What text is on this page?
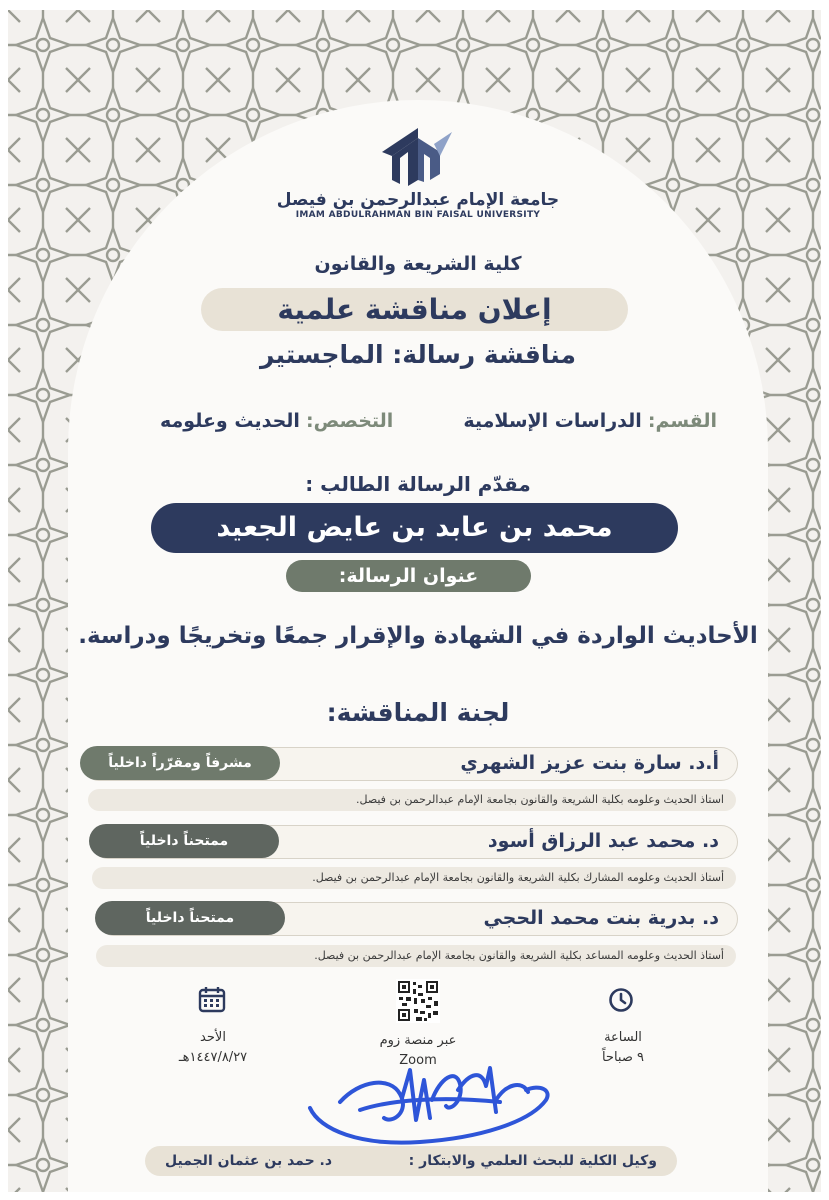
جامعة الإمام عبدالرحمن بن فيصل
IMAM ABDULRAHMAN BIN FAISAL UNIVERSITY
كلية الشريعة والقانون
إعلان مناقشة علمية
مناقشة رسالة: الماجستير
القسم: الدراسات الإسلامية
التخصص: الحديث وعلومه
مقدّم الرسالة الطالب :
محمد بن عابد بن عايض الجعيد
عنوان الرسالة:
الأحاديث الواردة في الشهادة والإقرار جمعًا وتخريجًا ودراسة.
لجنة المناقشة:
أ.د. سارة بنت عزيز الشهري
مشرفاً ومقرّراً داخلياً
استاذ الحديث وعلومه بكلية الشريعة والقانون بجامعة الإمام عبدالرحمن بن فيصل.
د. محمد عبد الرزاق أسود
ممتحناً داخلياً
أستاذ الحديث وعلومه المشارك بكلية الشريعة والقانون بجامعة الإمام عبدالرحمن بن فيصل.
د. بدرية بنت محمد الحجي
ممتحناً داخلياً
أستاذ الحديث وعلومه المساعد بكلية الشريعة والقانون بجامعة الإمام عبدالرحمن بن فيصل.
الأحد
١٤٤٧/٨/٢٧هـ
عبر منصة زوم
Zoom
الساعة
٩ صباحاً
وكيل الكلية للبحث العلمي والابتكار :
د. حمد بن عثمان الجميل
